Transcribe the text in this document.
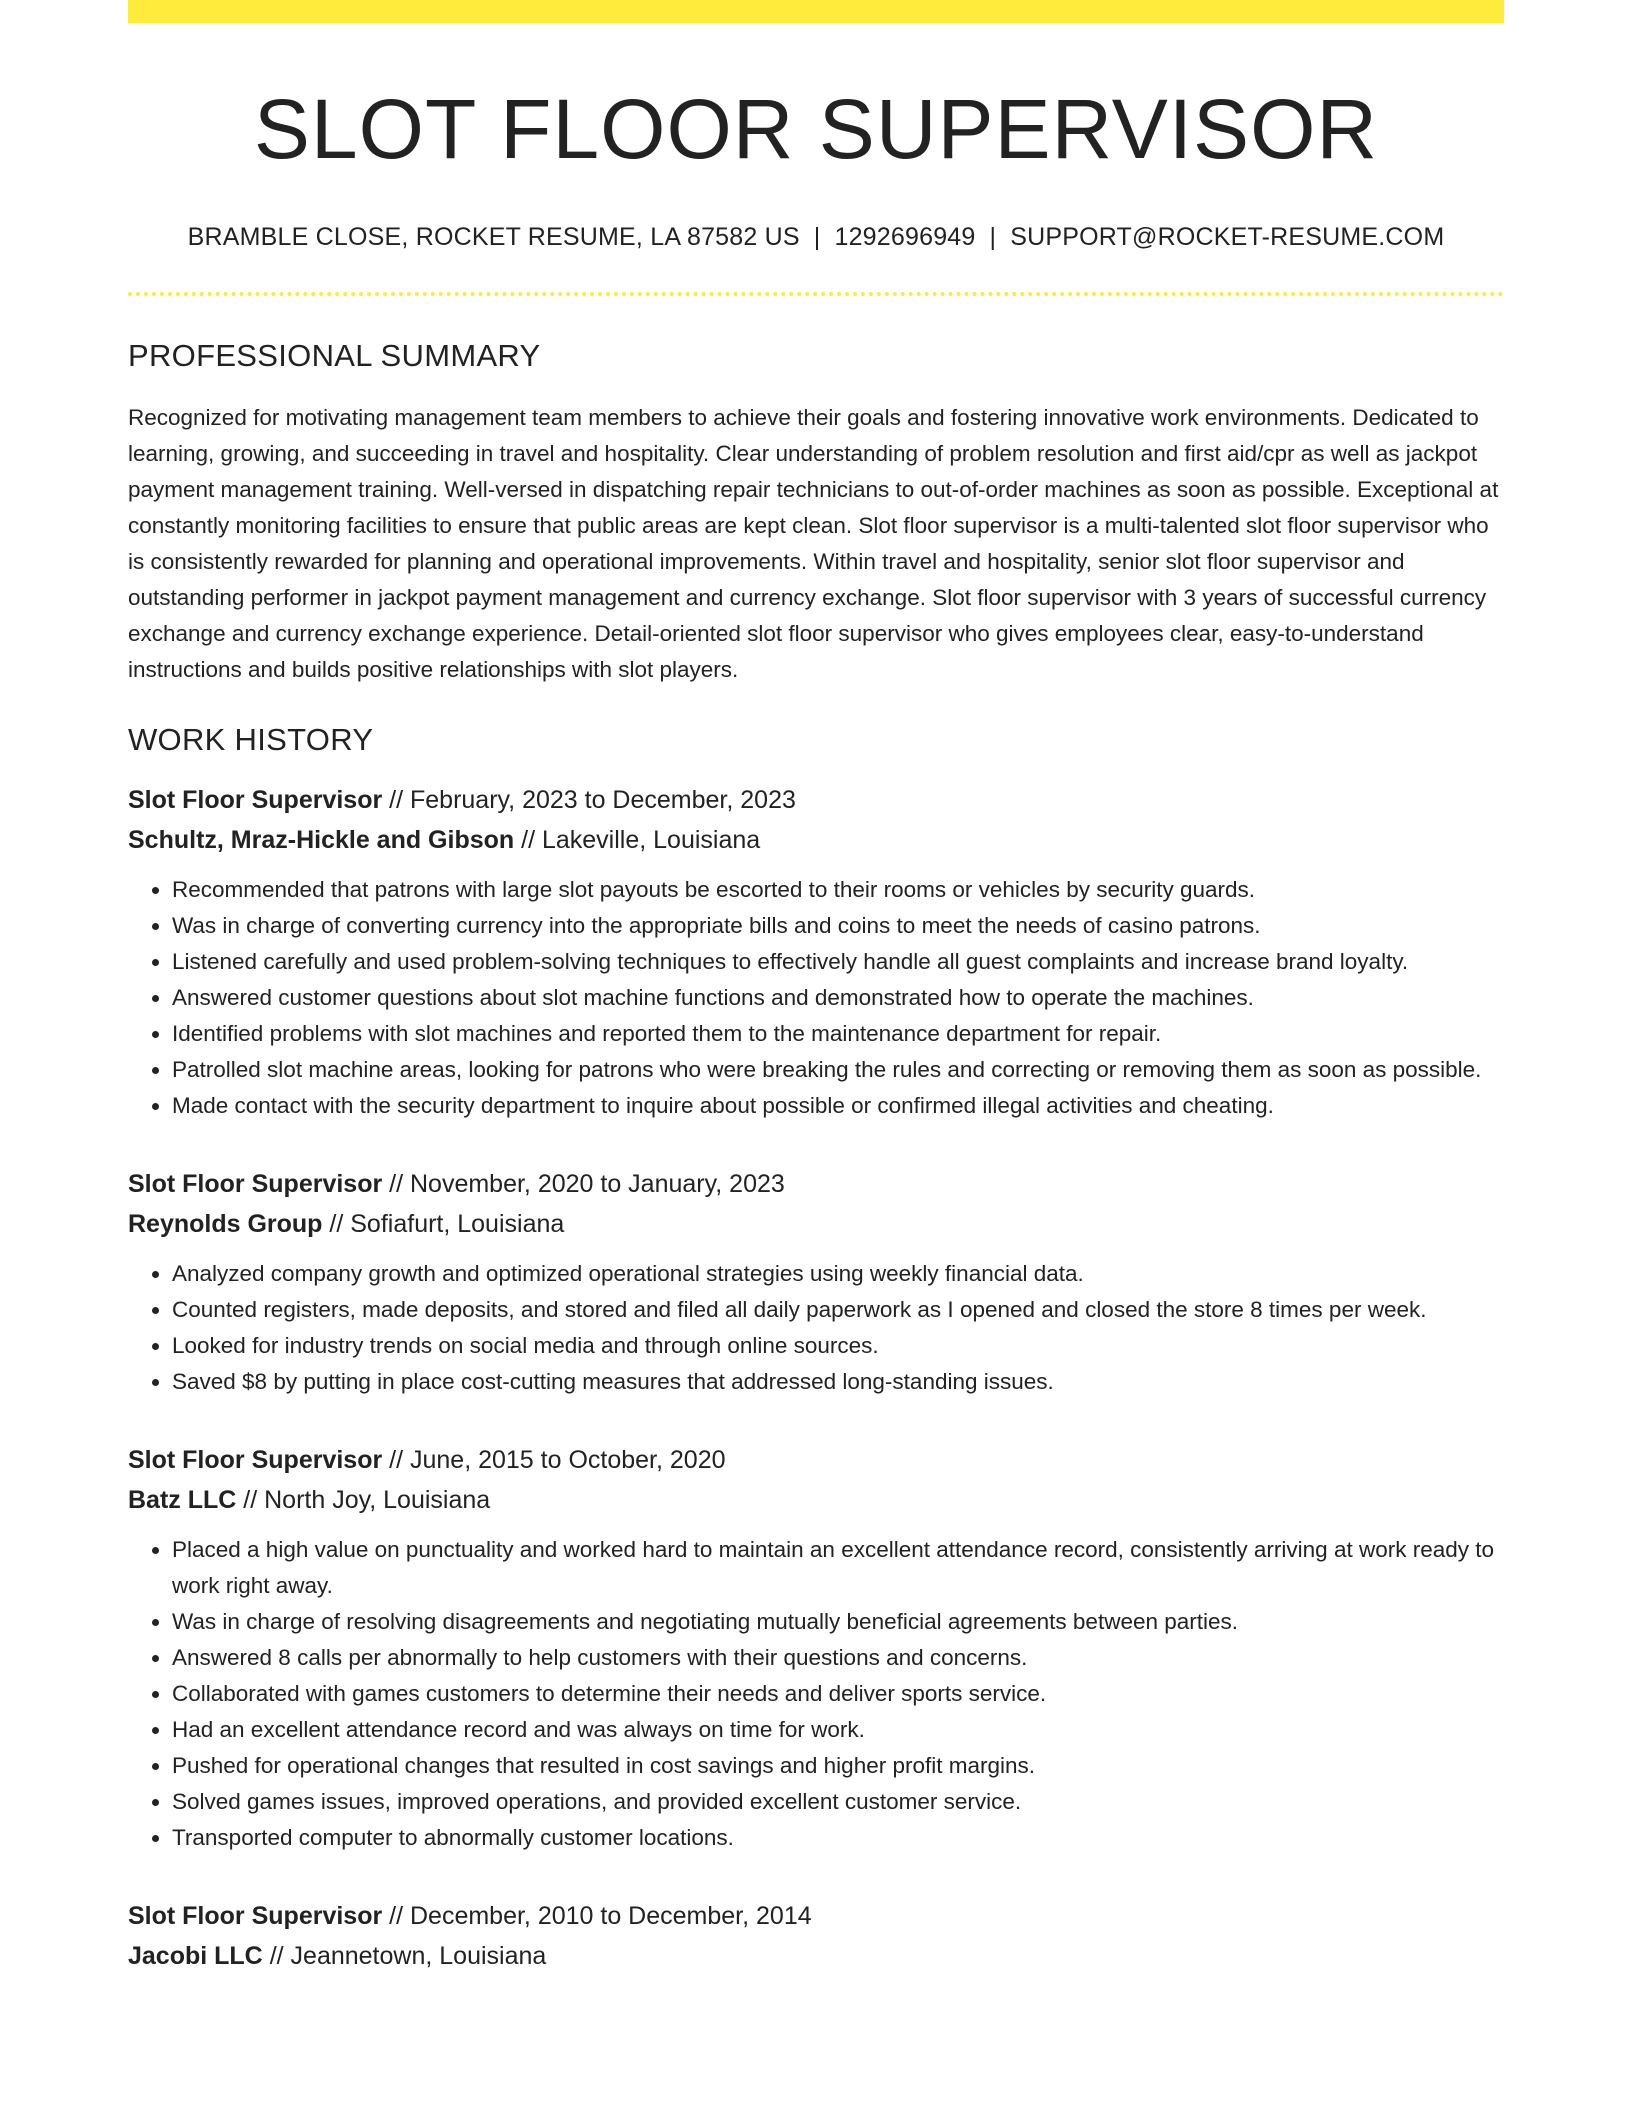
SLOT FLOOR SUPERVISOR
BRAMBLE CLOSE, ROCKET RESUME, LA 87582 US | 1292696949 | SUPPORT@ROCKET-RESUME.COM
PROFESSIONAL SUMMARY

Recognized for motivating management team members to achieve their goals and fostering innovative work environments. Dedicated to learning, growing, and succeeding in travel and hospitality. Clear understanding of problem resolution and first aid/cpr as well as jackpot payment management training. Well-versed in dispatching repair technicians to out-of-order machines as soon as possible. Exceptional at constantly monitoring facilities to ensure that public areas are kept clean. Slot floor supervisor is a multi-talented slot floor supervisor who is consistently rewarded for planning and operational improvements. Within travel and hospitality, senior slot floor supervisor and outstanding performer in jackpot payment management and currency exchange. Slot floor supervisor with 3 years of successful currency exchange and currency exchange experience. Detail-oriented slot floor supervisor who gives employees clear, easy-to-understand instructions and builds positive relationships with slot players.

WORK HISTORY
Slot Floor Supervisor // February, 2023 to December, 2023
Schultz, Mraz-Hickle and Gibson // Lakeville, Louisiana
• Recommended that patrons with large slot payouts be escorted to their rooms or vehicles by security guards.
• Was in charge of converting currency into the appropriate bills and coins to meet the needs of casino patrons.
• Listened carefully and used problem-solving techniques to effectively handle all guest complaints and increase brand loyalty.
• Answered customer questions about slot machine functions and demonstrated how to operate the machines.
• Identified problems with slot machines and reported them to the maintenance department for repair.
• Patrolled slot machine areas, looking for patrons who were breaking the rules and correcting or removing them as soon as possible.
• Made contact with the security department to inquire about possible or confirmed illegal activities and cheating.
Slot Floor Supervisor // November, 2020 to January, 2023
Reynolds Group // Sofiafurt, Louisiana
• Analyzed company growth and optimized operational strategies using weekly financial data.
• Counted registers, made deposits, and stored and filed all daily paperwork as I opened and closed the store 8 times per week.
• Looked for industry trends on social media and through online sources.
• Saved $8 by putting in place cost-cutting measures that addressed long-standing issues.
Slot Floor Supervisor // June, 2015 to October, 2020
Batz LLC // North Joy, Louisiana
• Placed a high value on punctuality and worked hard to maintain an excellent attendance record, consistently arriving at work ready to work right away.
• Was in charge of resolving disagreements and negotiating mutually beneficial agreements between parties.
• Answered 8 calls per abnormally to help customers with their questions and concerns.
• Collaborated with games customers to determine their needs and deliver sports service.
• Had an excellent attendance record and was always on time for work.
• Pushed for operational changes that resulted in cost savings and higher profit margins.
• Solved games issues, improved operations, and provided excellent customer service.
• Transported computer to abnormally customer locations.
Slot Floor Supervisor // December, 2010 to December, 2014
Jacobi LLC // Jeannetown, Louisiana
